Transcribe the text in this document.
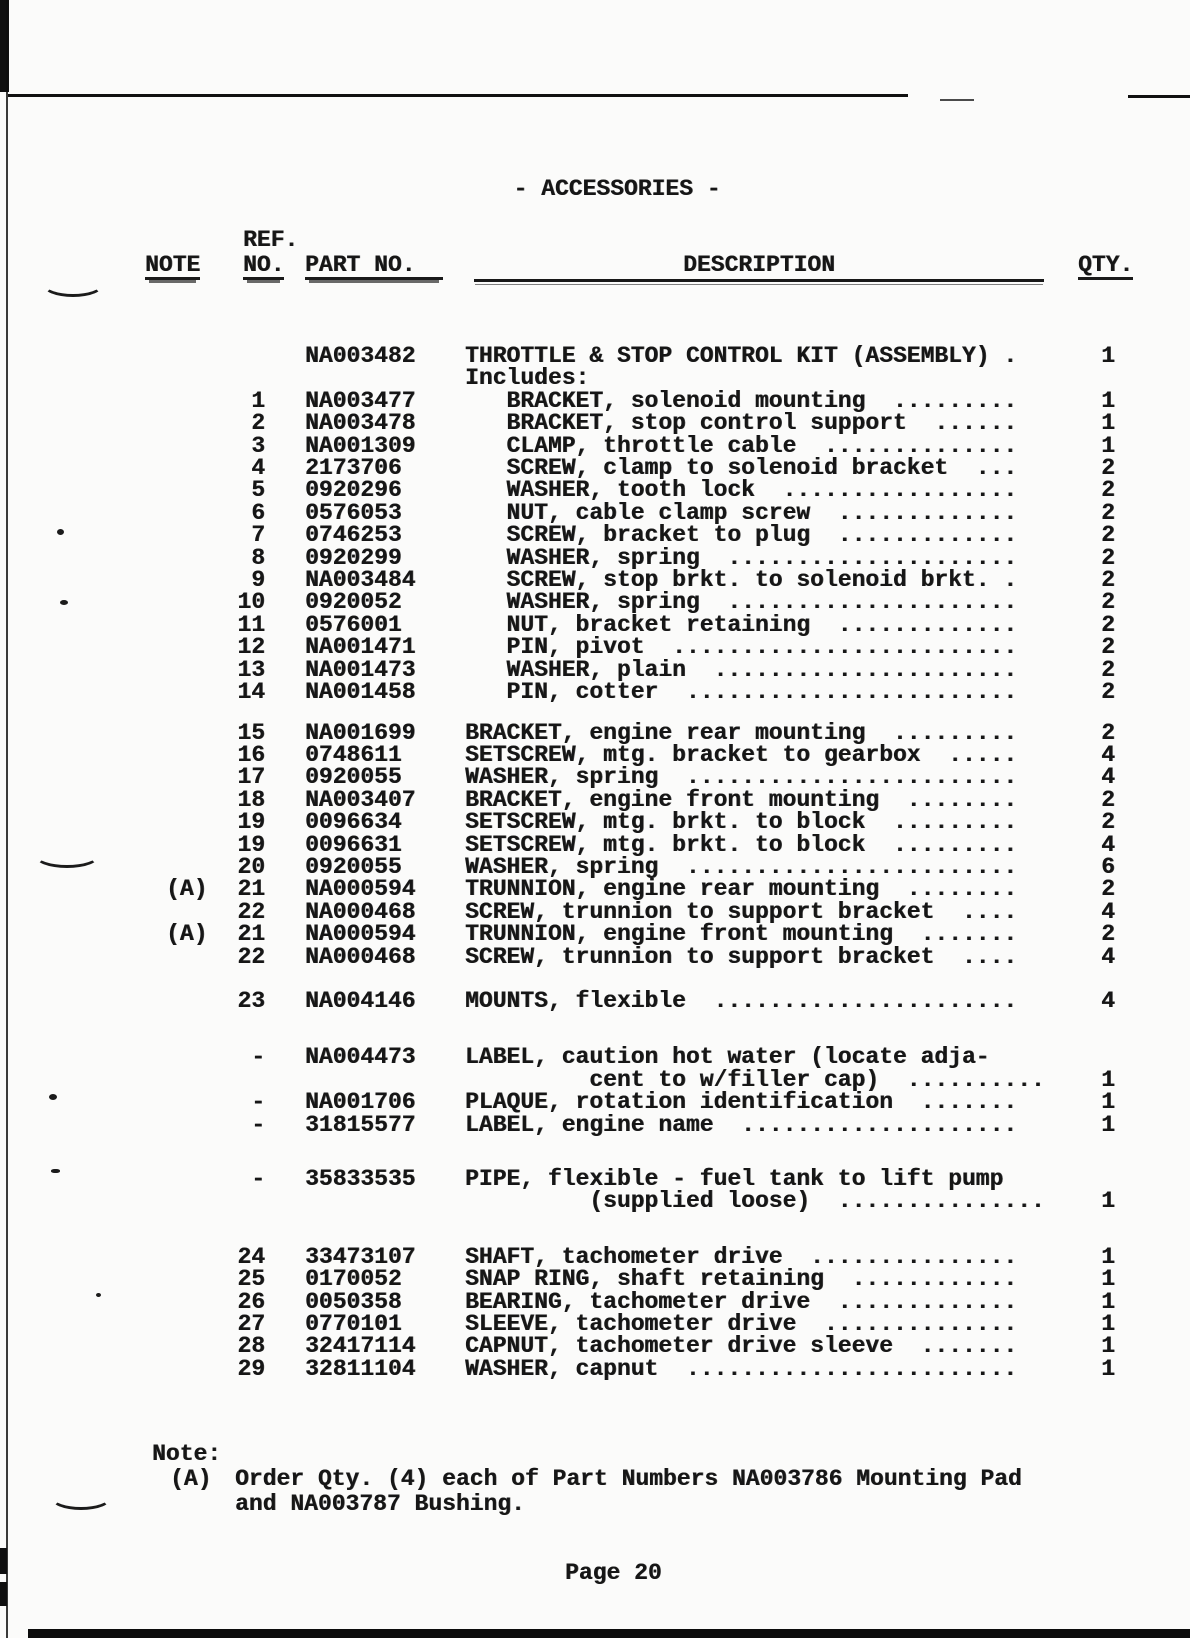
- ACCESSORIES -
REF.
NOTE NO. PART NO.	DESCRIPTION	QTY.
NA003482	THROTTLE & STOP CONTROL KIT (ASSEMBLY) .	1
Includes:
1 NA003477	BRACKET, solenoid mounting  .........	1
2 NA003478	BRACKET, stop control support  ......	1
3 NA001309	CLAMP, throttle cable  ..............	1
4 2173706	SCREW, clamp to solenoid bracket  ...	2
5 0920296	WASHER, tooth lock  .................	2
6 0576053	NUT, cable clamp screw  .............	2
7 0746253	SCREW, bracket to plug  .............	2
8 0920299	WASHER, spring  .....................	2
9 NA003484	SCREW, stop brkt. to solenoid brkt. .	2
10 0920052	WASHER, spring  .....................	2
11 0576001	NUT, bracket retaining  .............	2
12 NA001471	PIN, pivot  .........................	2
13 NA001473	WASHER, plain  ......................	2
14 NA001458	PIN, cotter  ........................	2
15 NA001699	BRACKET, engine rear mounting  .........	2
16 0748611	SETSCREW, mtg. bracket to gearbox  .....	4
17 0920055	WASHER, spring  ........................	4
18 NA003407	BRACKET, engine front mounting  ........	2
19 0096634	SETSCREW, mtg. brkt. to block  .........	2
19 0096631	SETSCREW, mtg. brkt. to block  .........	4
20 0920055	WASHER, spring  ........................	6
(A)	21 NA000594	TRUNNION, engine rear mounting  ........	2
22 NA000468	SCREW, trunnion to support bracket  ....	4
(A)	21 NA000594	TRUNNION, engine front mounting  .......	2
22 NA000468	SCREW, trunnion to support bracket  ....	4
23 NA004146	MOUNTS, flexible  ......................	4
- NA004473	LABEL, caution hot water (locate adja-
cent to w/filler cap)  ..........	1
- NA001706	PLAQUE, rotation identification  .......	1
- 31815577	LABEL, engine name  ....................	1
- 35833535	PIPE, flexible - fuel tank to lift pump
(supplied loose)  ...............	1
24 33473107	SHAFT, tachometer drive  ...............	1
25 0170052	SNAP RING, shaft retaining  ............	1
26 0050358	BEARING, tachometer drive  .............	1
27 0770101	SLEEVE, tachometer drive  ..............	1
28 32417114	CAPNUT, tachometer drive sleeve  .......	1
29 32811104	WASHER, capnut  ........................	1
Note:
(A)	Order Qty. (4) each of Part Numbers NA003786 Mounting Pad
and NA003787 Bushing.
Page 20
